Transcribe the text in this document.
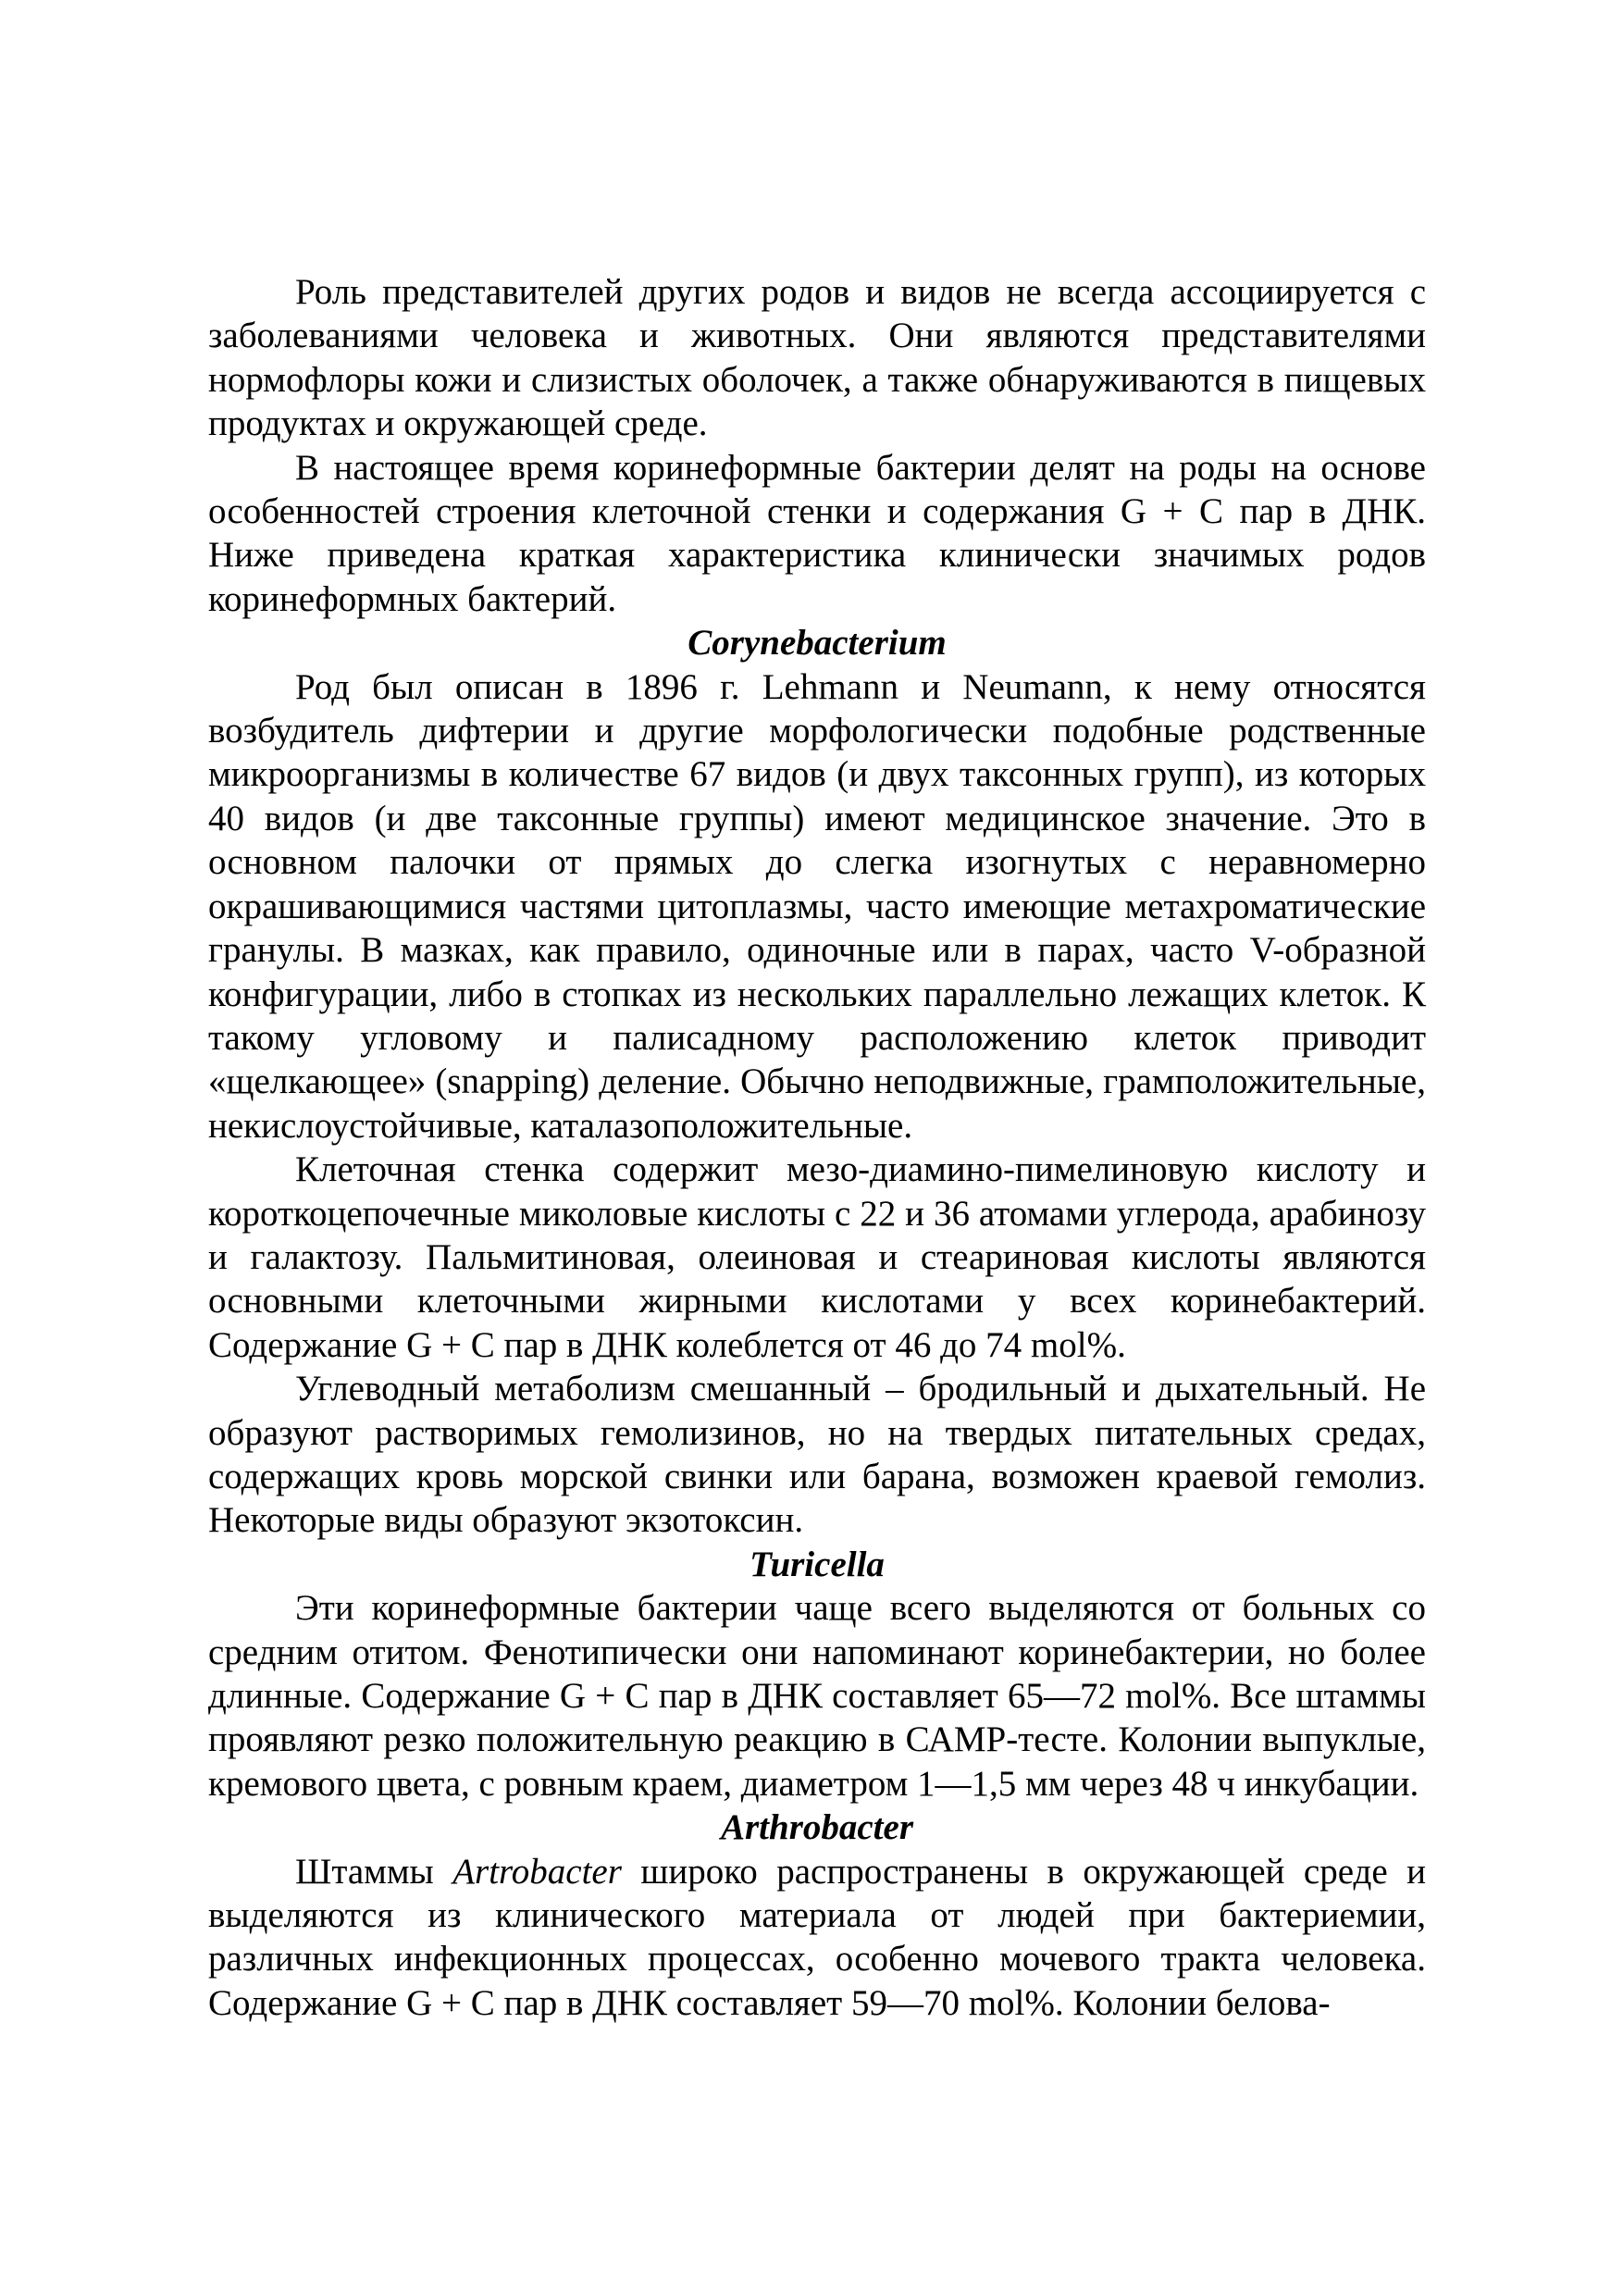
Роль представителей других родов и видов не всегда ассоциируется с заболеваниями человека и животных. Они являются представителями нормофлоры кожи и слизистых оболочек, а также обнаруживаются в пищевых продуктах и окружающей среде.

В настоящее время коринеформные бактерии делят на роды на основе особенностей строения клеточной стенки и содержания G + C пар в ДНК. Ниже приведена краткая характеристика клинически значимых родов коринеформных бактерий.

Corynebacterium

Род был описан в 1896 г. Lehmann и Neumann, к нему относятся возбудитель дифтерии и другие морфологически подобные родственные микроорганизмы в количестве 67 видов (и двух таксонных групп), из которых 40 видов (и две таксонные группы) имеют медицинское значение. Это в основном палочки от прямых до слегка изогнутых с неравномерно окрашивающимися частями цитоплазмы, часто имеющие метахроматические гранулы. В мазках, как правило, одиночные или в парах, часто V-образной конфигурации, либо в стопках из нескольких параллельно лежащих клеток. К такому угловому и палисадному расположению клеток приводит «щелкающее» (snapping) деление. Обычно неподвижные, грамположительные, некислоустойчивые, каталазоположительные.

Клеточная стенка содержит мезо-диамино-пимелиновую кислоту и короткоцепочечные миколовые кислоты с 22 и 36 атомами углерода, арабинозу и галактозу. Пальмитиновая, олеиновая и стеариновая кислоты являются основными клеточными жирными кислотами у всех коринебактерий. Содержание G + C пар в ДНК колеблется от 46 до 74 mol%.

Углеводный метаболизм смешанный – бродильный и дыхательный. Не образуют растворимых гемолизинов, но на твердых питательных средах, содержащих кровь морской свинки или барана, возможен краевой гемолиз. Некоторые виды образуют экзотоксин.

Turicella

Эти коринеформные бактерии чаще всего выделяются от больных со средним отитом. Фенотипически они напоминают коринебактерии, но более длинные. Содержание G + C пар в ДНК составляет 65—72 mol%. Все штаммы проявляют резко положительную реакцию в САМР-тесте. Колонии выпуклые, кремового цвета, с ровным краем, диаметром 1—1,5 мм через 48 ч инкубации.

Arthrobacter

Штаммы Artrobacter широко распространены в окружающей среде и выделяются из клинического материала от людей при бактериемии, различных инфекционных процессах, особенно мочевого тракта человека. Содержание G + C пар в ДНК составляет 59—70 mol%. Колонии белова-
